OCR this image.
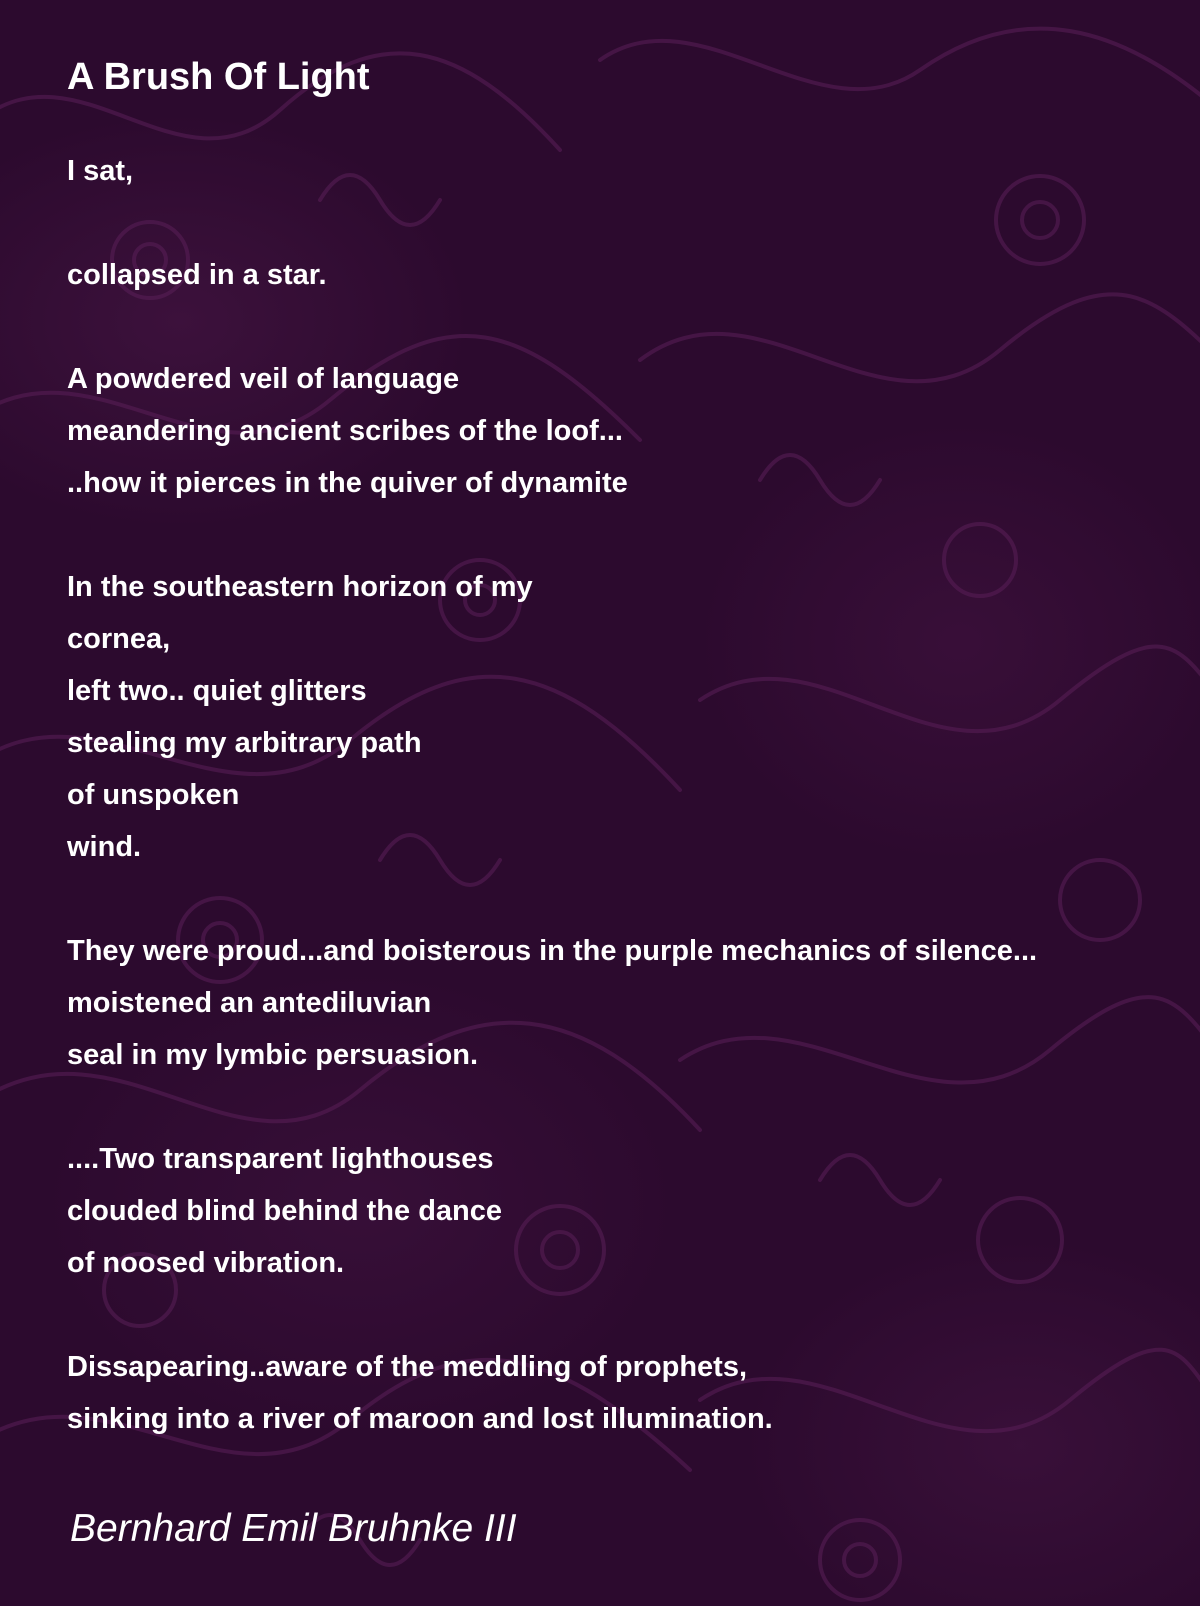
A Brush Of Light
I sat,
collapsed in a star.
A powdered veil of language
meandering ancient scribes of the loof...
..how it pierces in the quiver of dynamite
In the southeastern horizon of my
cornea,
left two.. quiet glitters
stealing my arbitrary path
of unspoken
wind.
They were proud...and boisterous in the purple mechanics of silence...
moistened an antediluvian
seal in my lymbic persuasion.
....Two transparent lighthouses
clouded blind behind the dance
of noosed vibration.
Dissapearing..aware of the meddling of prophets,
sinking into a river of maroon and lost illumination.
Bernhard Emil Bruhnke III
